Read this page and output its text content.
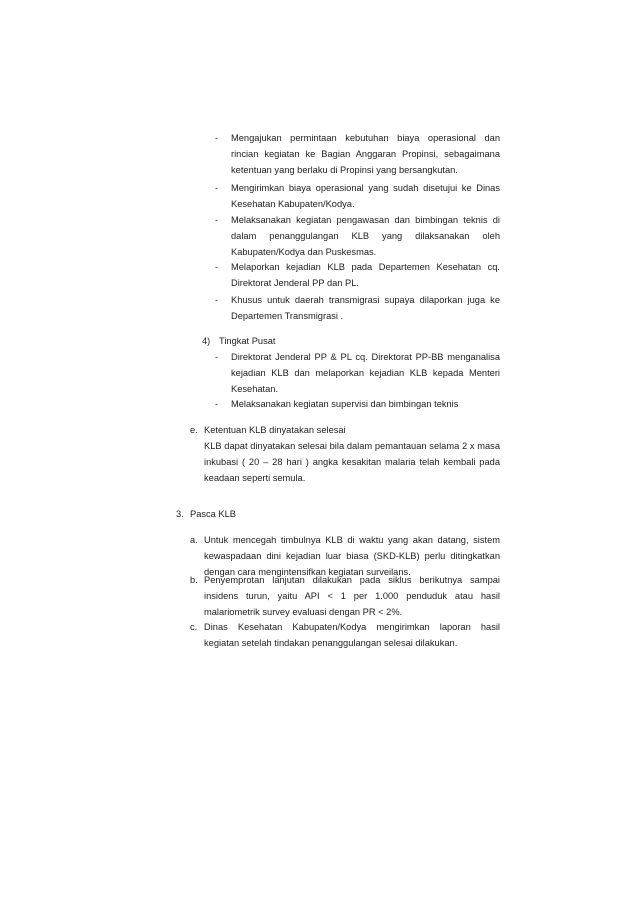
- Mengajukan permintaan kebutuhan biaya operasional dan rincian kegiatan ke Bagian Anggaran Propinsi, sebagaimana ketentuan yang berlaku di Propinsi yang bersangkutan.

- Mengirimkan biaya operasional yang sudah disetujui ke Dinas Kesehatan Kabupaten/Kodya.

- Melaksanakan kegiatan pengawasan dan bimbingan teknis di dalam penanggulangan KLB yang dilaksanakan oleh Kabupaten/Kodya dan Puskesmas.

- Melaporkan kejadian KLB pada Departemen Kesehatan cq. Direktorat Jenderal PP dan PL.

- Khusus untuk daerah transmigrasi supaya dilaporkan juga ke Departemen Transmigrasi .

4) Tingkat Pusat

- Direktorat Jenderal PP & PL cq. Direktorat PP-BB menganalisa kejadian KLB dan melaporkan kejadian KLB kepada Menteri Kesehatan.

- Melaksanakan kegiatan supervisi dan bimbingan teknis

e. Ketentuan KLB dinyatakan selesai

KLB dapat dinyatakan selesai bila dalam pemantauan selama 2 x masa inkubasi ( 20 – 28 hari ) angka kesakitan malaria telah kembali pada keadaan seperti semula.

3. Pasca KLB

a. Untuk mencegah timbulnya KLB di waktu yang akan datang, sistem kewaspadaan dini kejadian luar biasa (SKD-KLB) perlu ditingkatkan dengan cara mengintensifkan kegiatan surveilans.

b. Penyemprotan lanjutan dilakukan pada siklus berikutnya sampai insidens turun, yaitu API < 1 per 1.000 penduduk atau hasil malariometrik survey evaluasi dengan PR < 2%.

c. Dinas Kesehatan Kabupaten/Kodya mengirimkan laporan hasil kegiatan setelah tindakan penanggulangan selesai dilakukan.
